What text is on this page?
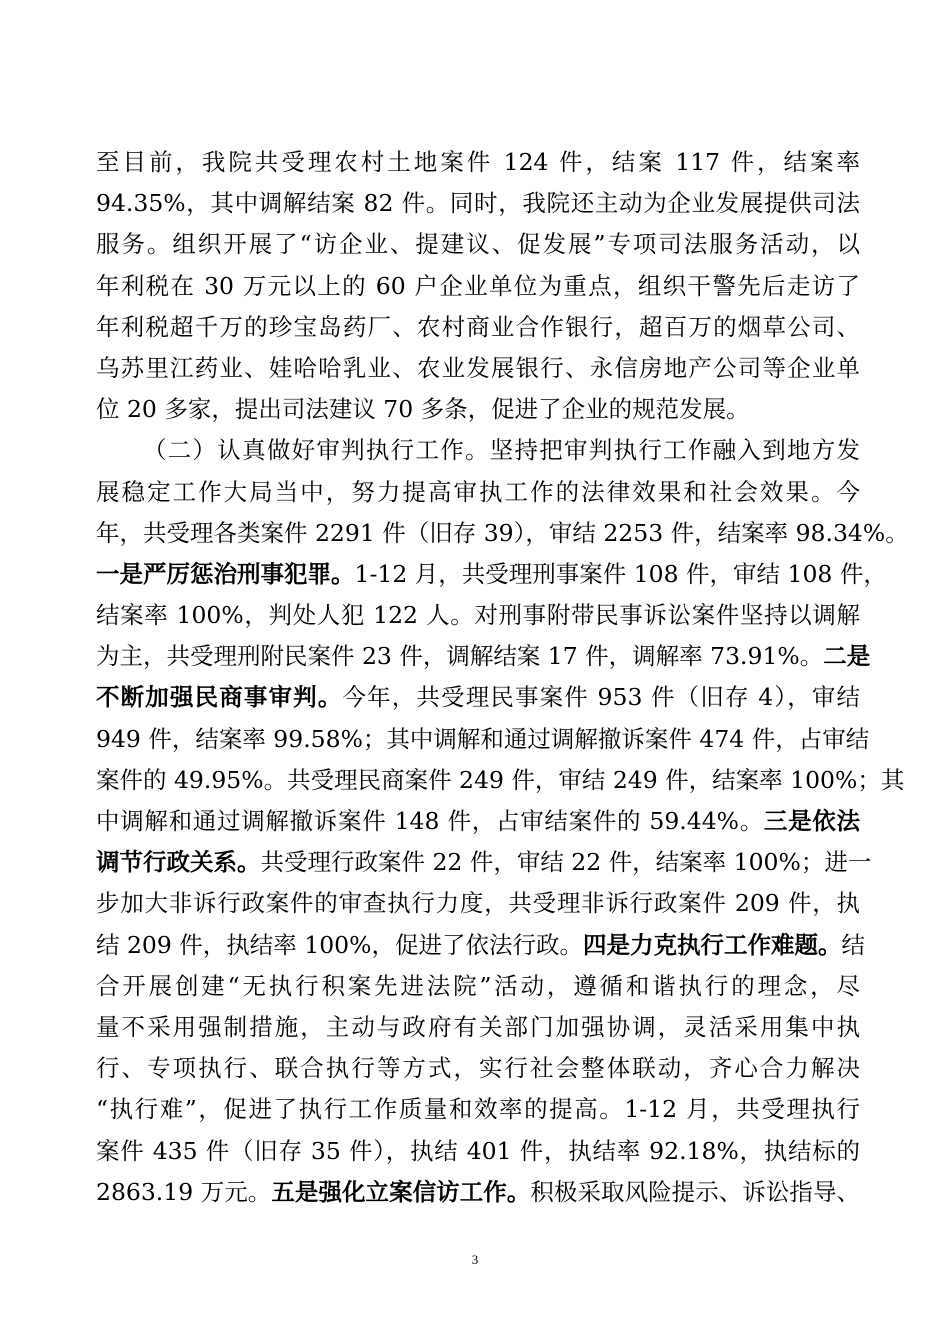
至目前，我院共受理农村土地案件 124 件，结案 117 件，结案率
94.35%，其中调解结案 82 件。同时，我院还主动为企业发展提供司法
服务。组织开展了“访企业、提建议、促发展”专项司法服务活动，以
年利税在 30 万元以上的 60 户企业单位为重点，组织干警先后走访了
年利税超千万的珍宝岛药厂、农村商业合作银行，超百万的烟草公司、
乌苏里江药业、娃哈哈乳业、农业发展银行、永信房地产公司等企业单
位 20 多家，提出司法建议 70 多条，促进了企业的规范发展。
（二）认真做好审判执行工作。坚持把审判执行工作融入到地方发
展稳定工作大局当中，努力提高审执工作的法律效果和社会效果。今
年，共受理各类案件 2291 件（旧存 39），审结 2253 件，结案率 98.34%。
一是严厉惩治刑事犯罪。1-12 月，共受理刑事案件 108 件，审结 108 件，
结案率 100%，判处人犯 122 人。对刑事附带民事诉讼案件坚持以调解
为主，共受理刑附民案件 23 件，调解结案 17 件，调解率 73.91%。二是
不断加强民商事审判。今年，共受理民事案件 953 件（旧存 4），审结
949 件，结案率 99.58%；其中调解和通过调解撤诉案件 474 件，占审结
案件的 49.95%。共受理民商案件 249 件，审结 249 件，结案率 100%；其
中调解和通过调解撤诉案件 148 件，占审结案件的 59.44%。三是依法
调节行政关系。共受理行政案件 22 件，审结 22 件，结案率 100%；进一
步加大非诉行政案件的审查执行力度，共受理非诉行政案件 209 件，执
结 209 件，执结率 100%，促进了依法行政。四是力克执行工作难题。结
合开展创建“无执行积案先进法院”活动，遵循和谐执行的理念，尽
量不采用强制措施，主动与政府有关部门加强协调，灵活采用集中执
行、专项执行、联合执行等方式，实行社会整体联动，齐心合力解决
“执行难”，促进了执行工作质量和效率的提高。1-12 月，共受理执行
案件 435 件（旧存 35 件），执结 401 件，执结率 92.18%，执结标的
2863.19 万元。五是强化立案信访工作。积极采取风险提示、诉讼指导、
3
